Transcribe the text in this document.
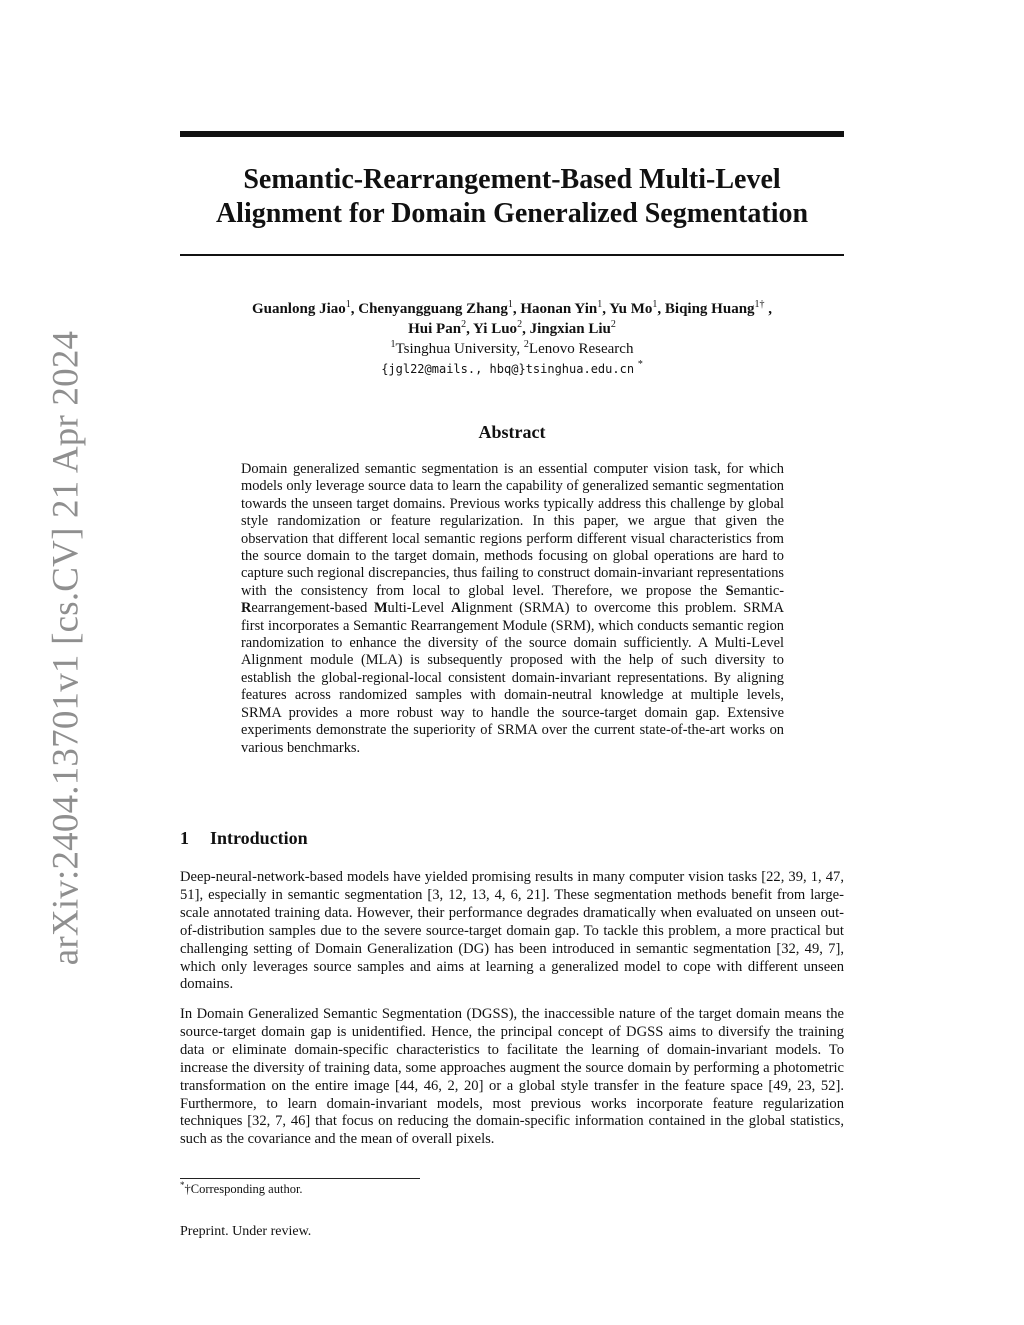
arXiv:2404.13701v1 [cs.CV] 21 Apr 2024
Semantic-Rearrangement-Based Multi-Level
Alignment for Domain Generalized Segmentation
Guanlong Jiao$^1$, Chenyangguang Zhang$^1$, Haonan Yin$^1$, Yu Mo$^1$, Biqing Huang$^{1\dagger}$ ,
Hui Pan$^2$, Yi Luo$^2$, Jingxian Liu$^2$
$^1$Tsinghua University, $^2$Lenovo Research
{jgl22@mails., hbq@}tsinghua.edu.cn *
Abstract
Domain generalized semantic segmentation is an essential computer vision task, for which models only leverage source data to learn the capability of generalized semantic segmentation towards the unseen target domains. Previous works typically address this challenge by global style randomization or feature regularization. In this paper, we argue that given the observation that different local semantic regions perform different visual characteristics from the source domain to the target domain, methods focusing on global operations are hard to capture such regional discrepancies, thus failing to construct domain-invariant representations with the consistency from local to global level. Therefore, we propose the Semantic-Rearrangement-based Multi-Level Alignment (SRMA) to overcome this problem. SRMA first incorporates a Semantic Rearrangement Module (SRM), which conducts semantic region randomization to enhance the diversity of the source domain sufficiently. A Multi-Level Alignment module (MLA) is subsequently proposed with the help of such diversity to establish the global-regional-local consistent domain-invariant representations. By aligning features across randomized samples with domain-neutral knowledge at multiple levels, SRMA provides a more robust way to handle the source-target domain gap. Extensive experiments demonstrate the superiority of SRMA over the current state-of-the-art works on various benchmarks.
1 Introduction
Deep-neural-network-based models have yielded promising results in many computer vision tasks [22, 39, 1, 47, 51], especially in semantic segmentation [3, 12, 13, 4, 6, 21]. These segmentation methods benefit from large-scale annotated training data. However, their performance degrades dramatically when evaluated on unseen out-of-distribution samples due to the severe source-target domain gap. To tackle this problem, a more practical but challenging setting of Domain Generalization (DG) has been introduced in semantic segmentation [32, 49, 7], which only leverages source samples and aims at learning a generalized model to cope with different unseen domains.
In Domain Generalized Semantic Segmentation (DGSS), the inaccessible nature of the target domain means the source-target domain gap is unidentified. Hence, the principal concept of DGSS aims to diversify the training data or eliminate domain-specific characteristics to facilitate the learning of domain-invariant models. To increase the diversity of training data, some approaches augment the source domain by performing a photometric transformation on the entire image [44, 46, 2, 20] or a global style transfer in the feature space [49, 23, 52]. Furthermore, to learn domain-invariant models, most previous works incorporate feature regularization techniques [32, 7, 46] that focus on reducing the domain-specific information contained in the global statistics, such as the covariance and the mean of overall pixels.
*†Corresponding author.
Preprint. Under review.
